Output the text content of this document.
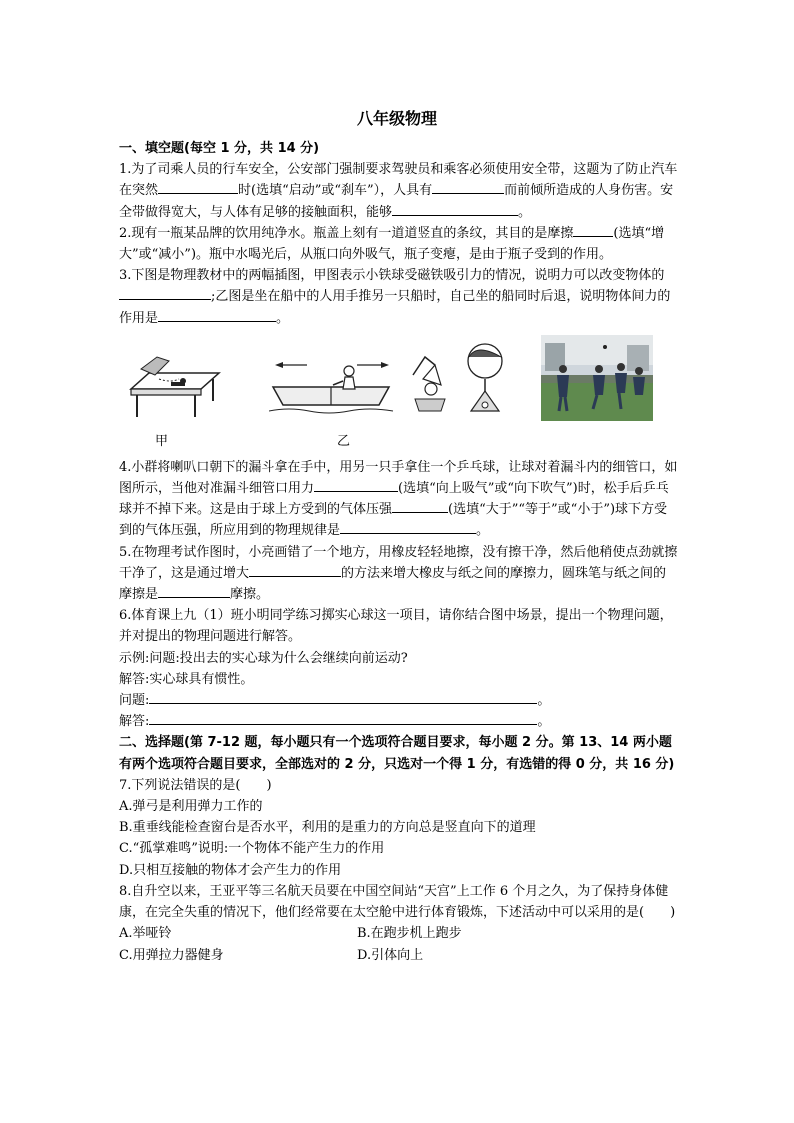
八年级物理

一、填空题(每空 1 分，共 14 分)

1.为了司乘人员的行车安全，公安部门强制要求驾驶员和乘客必须使用安全带，这题为了防止汽车在突然	时(选填“启动”或“刹车”），人具有	而前倾所造成的人身伤害。安全带做得宽大，与人体有足够的接触面积，能够	。

2.现有一瓶某品牌的饮用纯净水。瓶盖上刻有一道道竖直的条纹，其目的是摩擦	(选填“增大”或“减小”)。瓶中水喝光后，从瓶口向外吸气，瓶子变瘪，是由于瓶子受到的作用。

3.下图是物理教材中的两幅插图，甲图表示小铁球受磁铁吸引力的情况，说明力可以改变物体的;乙图是坐在船中的人用手推另一只船时，自己坐的船同时后退，说明物体间力的作用是	。

甲	乙

4.小群将喇叭口朝下的漏斗拿在手中，用另一只手拿住一个乒乓球，让球对着漏斗内的细管口，如图所示，当他对准漏斗细管口用力	(选填“向上吸气”或“向下吹气”)时，松手后乒乓球并不掉下来。这是由于球上方受到的气体压强	(选填“大于”“等于”或“小于”)球下方受到的气体压强，所应用到的物理规律是	。

5.在物理考试作图时，小亮画错了一个地方，用橡皮轻轻地擦，没有擦干净，然后他稍使点劲就擦干净了，这是通过增大	的方法来增大橡皮与纸之间的摩擦力，圆珠笔与纸之间的摩擦是	摩擦。

6.体育课上九（1）班小明同学练习掷实心球这一项目，请你结合图中场景，提出一个物理问题，并对提出的物理问题进行解答。

示例:问题:投出去的实心球为什么会继续向前运动?

解答:实心球具有惯性。

问题:	。

解答:	。

二、选择题(第 7-12 题，每小题只有一个选项符合题目要求，每小题 2 分。第 13、14 两小题有两个选项符合题目要求，全部选对的 2 分，只选对一个得 1 分，有选错的得 0 分，共 16 分)

7.下列说法错误的是(　　)

A.弹弓是利用弹力工作的

B.重垂线能检查窗台是否水平，利用的是重力的方向总是竖直向下的道理

C.“孤掌难鸣”说明:一个物体不能产生力的作用

D.只相互接触的物体才会产生力的作用

8.自升空以来，王亚平等三名航天员要在中国空间站“天宫”上工作 6 个月之久，为了保持身体健康，在完全失重的情况下，他们经常要在太空舱中进行体育锻炼，下述活动中可以采用的是(　　)

A.举哑铃	B.在跑步机上跑步
C.用弹拉力器健身	D.引体向上
